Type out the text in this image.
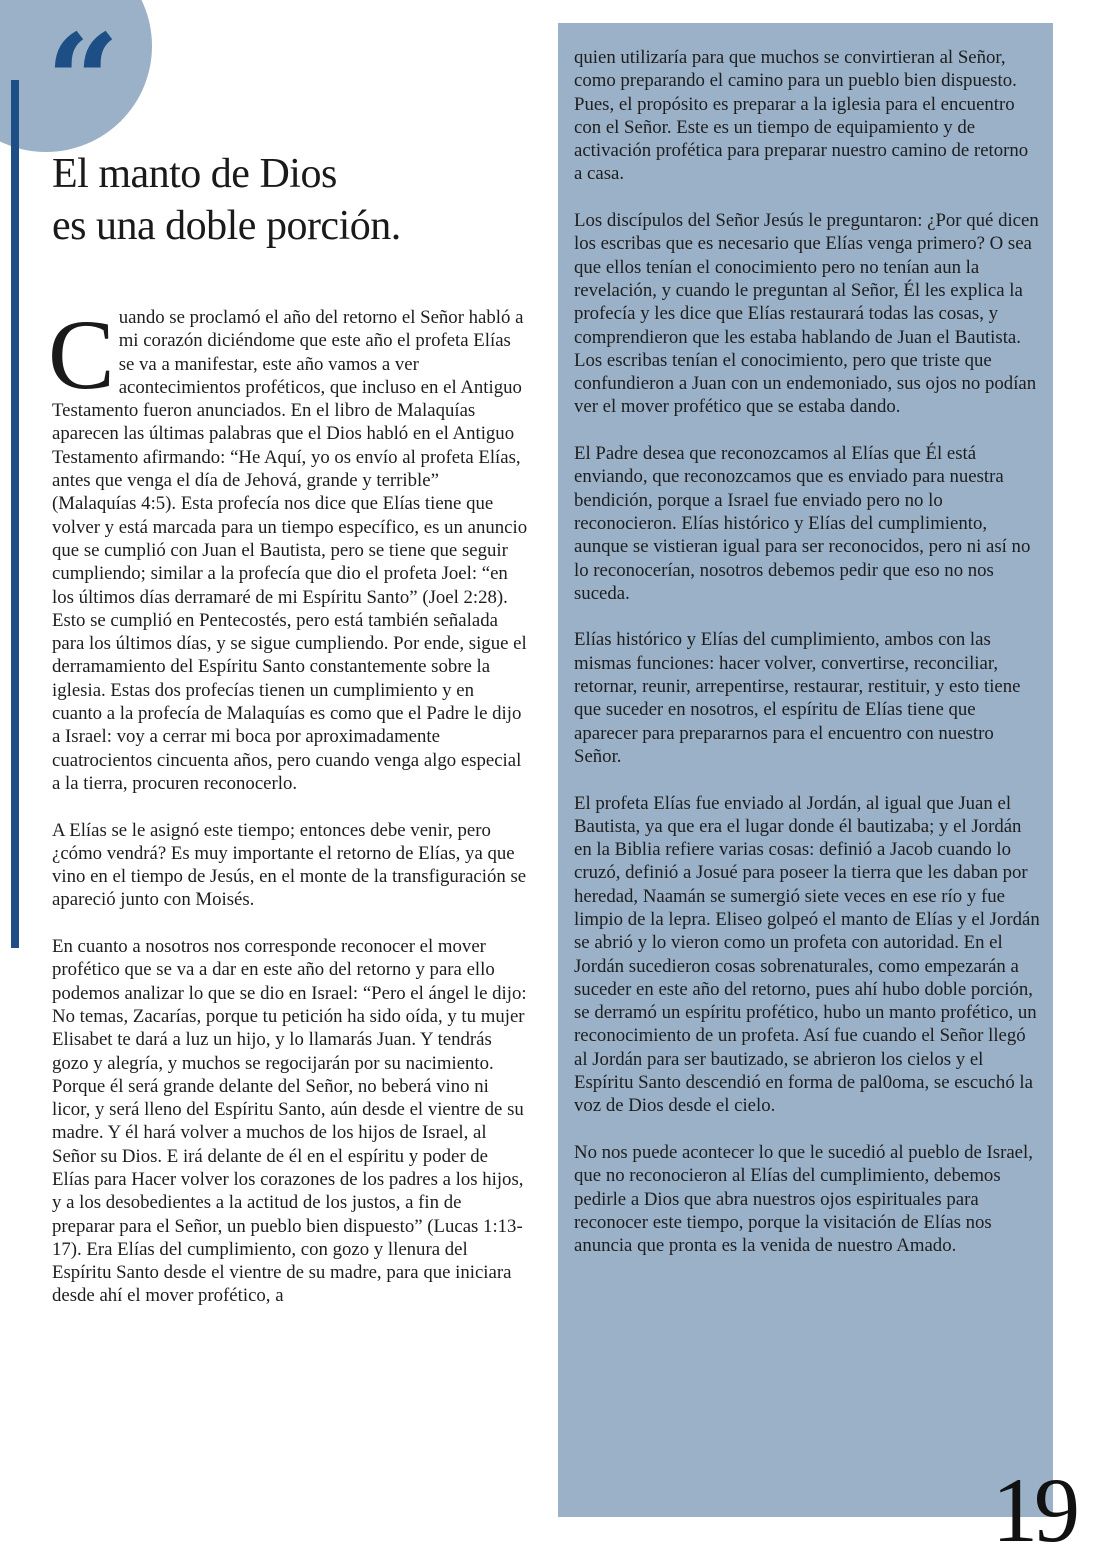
“
El manto de Dios
es una doble porción.

Cuando se proclamó el año del retorno el Señor habló a mi corazón diciéndome que este año el profeta Elías se va a manifestar, este año vamos a ver acontecimientos proféticos, que incluso en el Antiguo Testamento fueron anunciados. En el libro de Malaquías aparecen las últimas palabras que el Dios habló en el Antiguo Testamento afirmando: “He Aquí, yo os envío al profeta Elías, antes que venga el día de Jehová, grande y terrible” (Malaquías 4:5). Esta profecía nos dice que Elías tiene que volver y está marcada para un tiempo específico, es un anuncio que se cumplió con Juan el Bautista, pero se tiene que seguir cumpliendo; similar a la profecía que dio el profeta Joel: “en los últimos días derramaré de mi Espíritu Santo” (Joel 2:28). Esto se cumplió en Pentecostés, pero está también señalada para los últimos días, y se sigue cumpliendo. Por ende, sigue el derramamiento del Espíritu Santo constantemente sobre la iglesia. Estas dos profecías tienen un cumplimiento y en cuanto a la profecía de Malaquías es como que el Padre le dijo a Israel: voy a cerrar mi boca por aproximadamente cuatrocientos cincuenta años, pero cuando venga algo especial a la tierra, procuren reconocerlo.

A Elías se le asignó este tiempo; entonces debe venir, pero ¿cómo vendrá? Es muy importante el retorno de Elías, ya que vino en el tiempo de Jesús, en el monte de la transfiguración se apareció junto con Moisés.

En cuanto a nosotros nos corresponde reconocer el mover profético que se va a dar en este año del retorno y para ello podemos analizar lo que se dio en Israel: “Pero el ángel le dijo: No temas, Zacarías, porque tu petición ha sido oída, y tu mujer Elisabet te dará a luz un hijo, y lo llamarás Juan. Y tendrás gozo y alegría, y muchos se regocijarán por su nacimiento. Porque él será grande delante del Señor, no beberá vino ni licor, y será lleno del Espíritu Santo, aún desde el vientre de su madre. Y él hará volver a muchos de los hijos de Israel, al Señor su Dios. E irá delante de él en el espíritu y poder de Elías para Hacer volver los corazones de los padres a los hijos, y a los desobedientes a la actitud de los justos, a fin de preparar para el Señor, un pueblo bien dispuesto” (Lucas 1:13-17). Era Elías del cumplimiento, con gozo y llenura del Espíritu Santo desde el vientre de su madre, para que iniciara desde ahí el mover profético, a

quien utilizaría para que muchos se convirtieran al Señor, como preparando el camino para un pueblo bien dispuesto. Pues, el propósito es preparar a la iglesia para el encuentro con el Señor. Este es un tiempo de equipamiento y de activación profética para preparar nuestro camino de retorno a casa.

Los discípulos del Señor Jesús le preguntaron: ¿Por qué dicen los escribas que es necesario que Elías venga primero? O sea que ellos tenían el conocimiento pero no tenían aun la revelación, y cuando le preguntan al Señor, Él les explica la profecía y les dice que Elías restaurará todas las cosas, y comprendieron que les estaba hablando de Juan el Bautista. Los escribas tenían el conocimiento, pero que triste que confundieron a Juan con un endemoniado, sus ojos no podían ver el mover profético que se estaba dando.

El Padre desea que reconozcamos al Elías que Él está enviando, que reconozcamos que es enviado para nuestra bendición, porque a Israel fue enviado pero no lo reconocieron. Elías histórico y Elías del cumplimiento, aunque se vistieran igual para ser reconocidos, pero ni así no lo reconocerían, nosotros debemos pedir que eso no nos suceda.

Elías histórico y Elías del cumplimiento, ambos con las mismas funciones: hacer volver, convertirse, reconciliar, retornar, reunir, arrepentirse, restaurar, restituir, y esto tiene que suceder en nosotros, el espíritu de Elías tiene que aparecer para prepararnos para el encuentro con nuestro Señor.

El profeta Elías fue enviado al Jordán, al igual que Juan el Bautista, ya que era el lugar donde él bautizaba; y el Jordán en la Biblia refiere varias cosas: definió a Jacob cuando lo cruzó, definió a Josué para poseer la tierra que les daban por heredad, Naamán se sumergió siete veces en ese río y fue limpio de la lepra. Eliseo golpeó el manto de Elías y el Jordán se abrió y lo vieron como un profeta con autoridad. En el Jordán sucedieron cosas sobrenaturales, como empezarán a suceder en este año del retorno, pues ahí hubo doble porción, se derramó un espíritu profético, hubo un manto profético, un reconocimiento de un profeta. Así fue cuando el Señor llegó al Jordán para ser bautizado, se abrieron los cielos y el Espíritu Santo descendió en forma de pal0oma, se escuchó la voz de Dios desde el cielo.

No nos puede acontecer lo que le sucedió al pueblo de Israel, que no reconocieron al Elías del cumplimiento, debemos pedirle a Dios que abra nuestros ojos espirituales para reconocer este tiempo, porque la visitación de Elías nos anuncia que pronta es la venida de nuestro Amado.

19
